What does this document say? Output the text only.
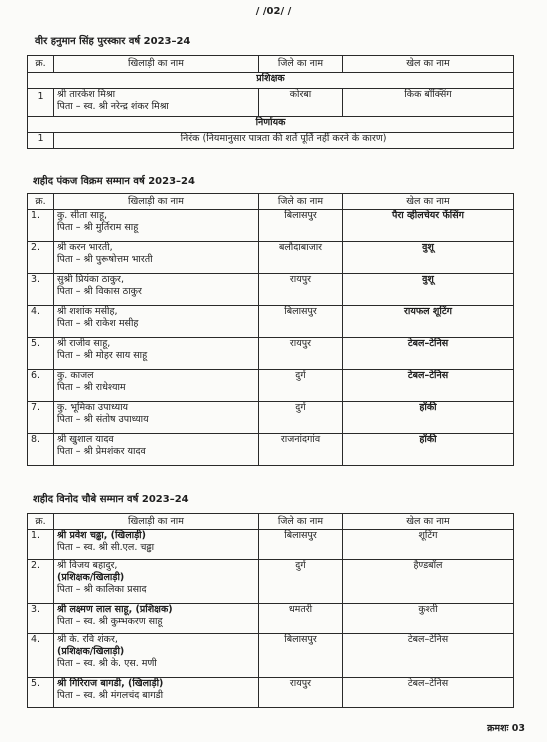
/ /02/ /
वीर हनुमान सिंह पुरस्कार वर्ष 2023–24
क्र.	खिलाड़ी का नाम	जिले का नाम	खेल का नाम
प्रशिक्षक			
1	श्री तारकेश मिश्रा
पिता – स्व. श्री नरेन्द्र शंकर मिश्रा	कोरबा	किक बॉक्सिंग
निर्णायक			
1	निरंक (नियमानुसार पात्रता की शर्ते पूर्ति नहीं करने के कारण)		
शहीद पंकज विक्रम सम्मान वर्ष 2023–24
क्र.	खिलाड़ी का नाम	जिले का नाम	खेल का नाम
1.	कु. सीता साहू,
पिता – श्री मुर्तिराम साहू	बिलासपुर	पैरा व्हीलचेयर फेंसिंग
2.	श्री करन भारती,
पिता – श्री पुरूषोत्तम भारती	बलौदाबाजार	वुशू
3.	सुश्री प्रियंका ठाकुर,
पिता – श्री विकास ठाकुर	रायपुर	वुशू
4.	श्री शशांक मसीह,
पिता – श्री राकेश मसीह	बिलासपुर	रायफल शूटिंग
5.	श्री राजीव साहू,
पिता – श्री मोहर साय साहू	रायपुर	टेबल–टेनिस
6.	कु. काजल
पिता – श्री राधेश्याम	दुर्ग	टेबल–टेनिस
7.	कु. भूमिका उपाध्याय
पिता – श्री संतोष उपाध्याय	दुर्ग	हॉकी
8.	श्री खुशाल यादव
पिता – श्री प्रेमशंकर यादव	राजनांदगांव	हॉकी
शहीद विनोद चौबे सम्मान वर्ष 2023–24
क्र.	खिलाड़ी का नाम	जिले का नाम	खेल का नाम
1.	श्री प्रवेश चढ्ढा, (खिलाड़ी)
पिता – स्व. श्री सी.एल. चढ्ढा	बिलासपुर	शूटिंग
2.	श्री विजय बहादुर,
(प्रशिक्षक/खिलाड़ी)
पिता – श्री कालिका प्रसाद	दुर्ग	हैण्डबॉल
3.	श्री लक्ष्मण लाल साहू, (प्रशिक्षक)
पिता – स्व. श्री कुम्भकरण साहू	धमतरी	कुश्ती
4.	श्री के. रवि शंकर,
(प्रशिक्षक/खिलाड़ी)
पिता – स्व. श्री के. एस. मणी	बिलासपुर	टेबल–टेनिस
5.	श्री गिरिराज बागडी, (खिलाड़ी)
पिता – स्व. श्री मंगलचंद बागडी	रायपुर	टेबल–टेनिस
क्रमशः 03
